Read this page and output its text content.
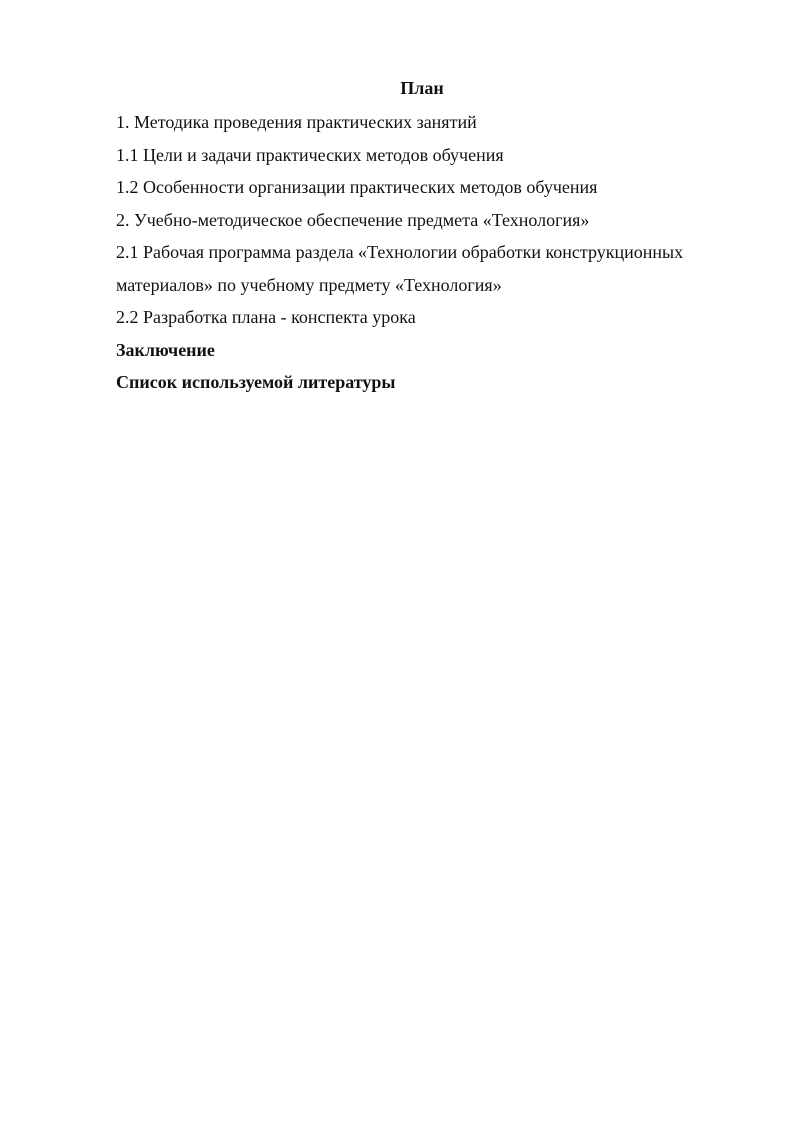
План
1. Методика проведения практических занятий
1.1 Цели и задачи практических методов обучения
1.2 Особенности организации практических методов обучения
2. Учебно-методическое обеспечение предмета «Технология»
2.1 Рабочая программа раздела «Технологии обработки конструкционных
материалов» по учебному предмету «Технология»
2.2 Разработка плана - конспекта урока
Заключение
Список используемой литературы
